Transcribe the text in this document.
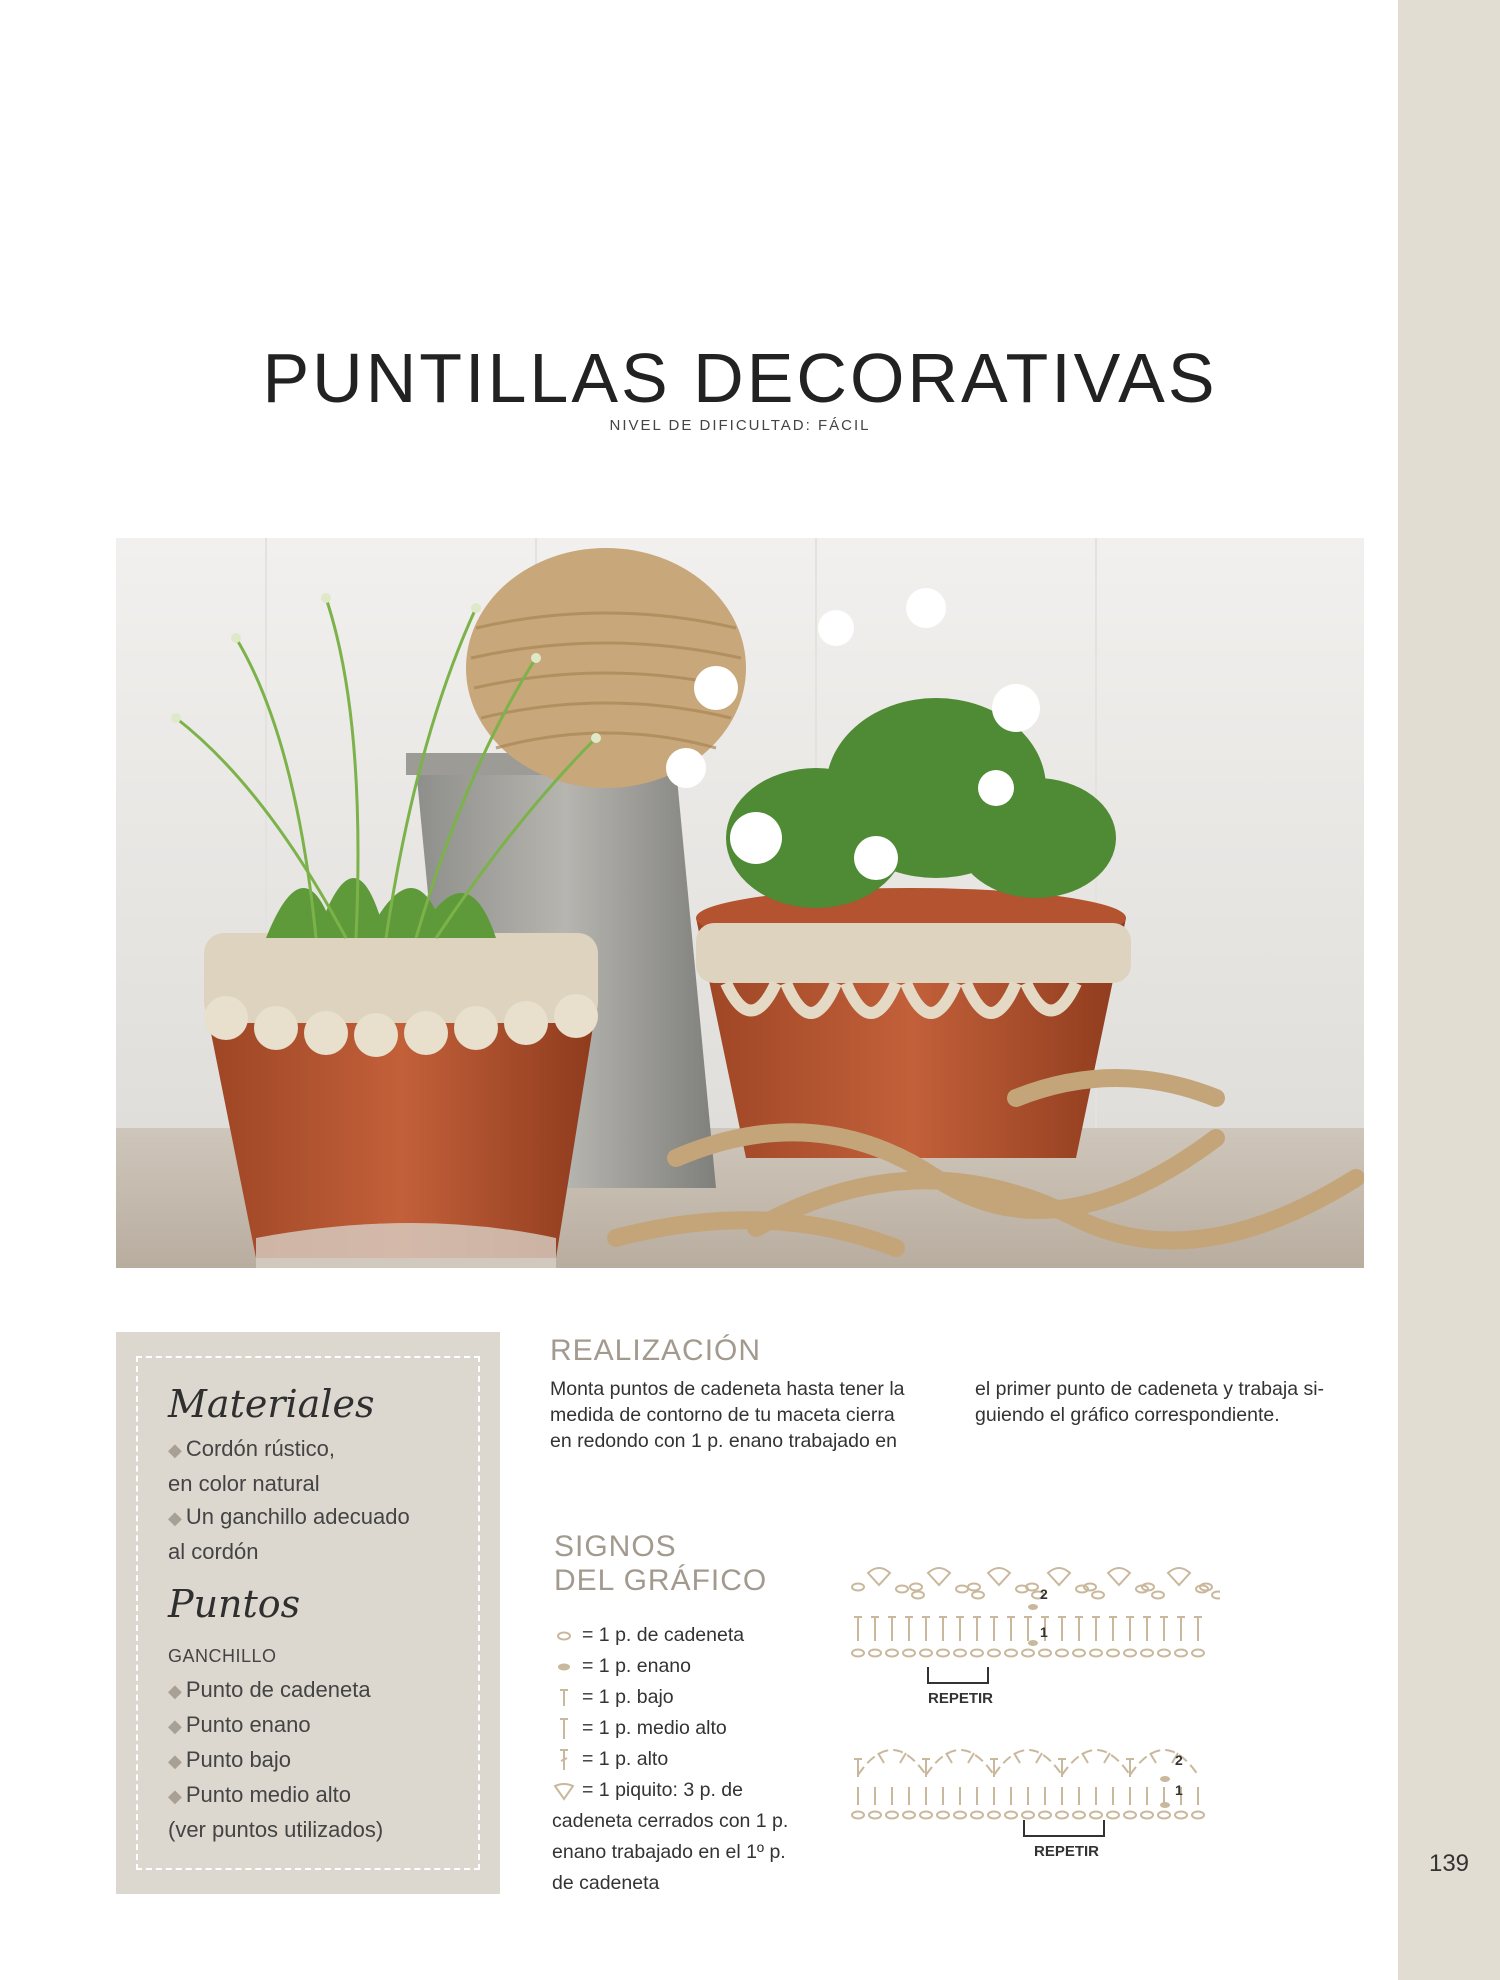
139
PUNTILLAS DECORATIVAS
NIVEL DE DIFICULTAD: FÁCIL
Materiales
◆ Cordón rústico,
en color natural
◆ Un ganchillo adecuado
al cordón
Puntos
GANCHILLO
◆ Punto de cadeneta
◆ Punto enano
◆ Punto bajo
◆ Punto medio alto
(ver puntos utilizados)
REALIZACIÓN
Monta puntos de cadeneta hasta tener la
medida de contorno de tu maceta cierra
en redondo con 1 p. enano trabajado en
el primer punto de cadeneta y trabaja si-
guiendo el gráfico correspondiente.
SIGNOS
DEL GRÁFICO
= 1 p. de cadeneta
= 1 p. enano
= 1 p. bajo
= 1 p. medio alto
= 1 p. alto
= 1 piquito: 3 p. de
cadeneta cerrados con 1 p.
enano trabajado en el 1º p.
de cadeneta
REPETIR
2
1
REPETIR
2
1
